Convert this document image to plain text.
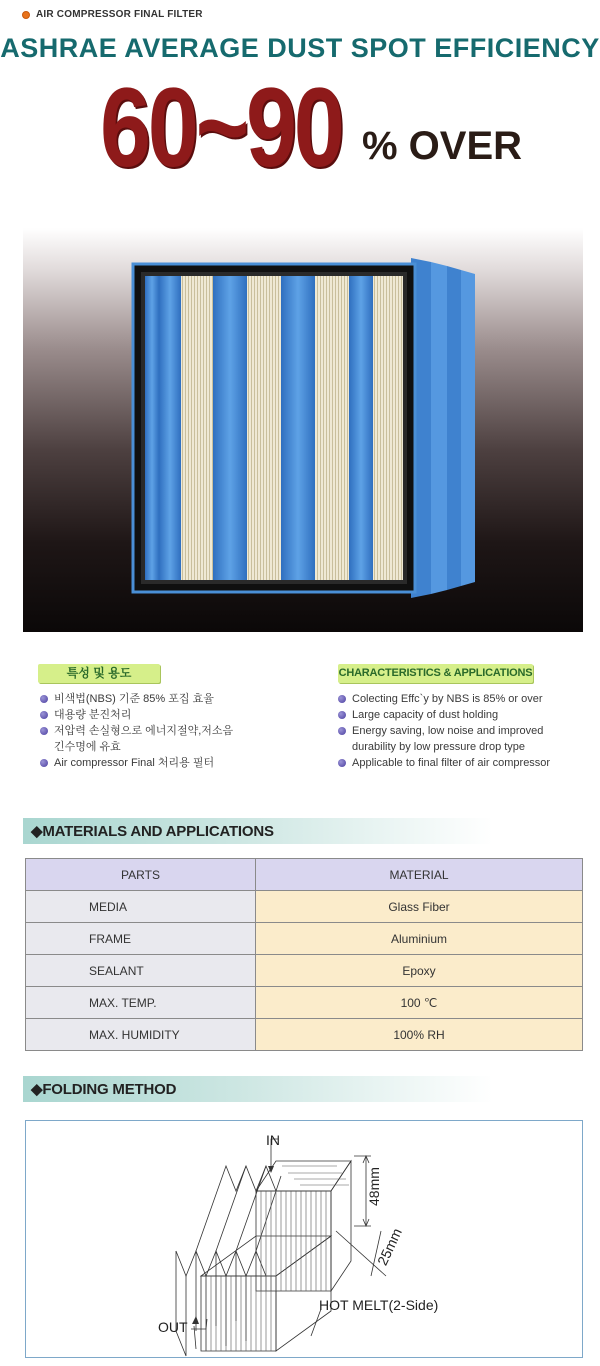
AIR COMPRESSOR FINAL FILTER
ASHRAE AVERAGE DUST SPOT EFFICIENCY
60~90 % OVER
특성 및 용도	CHARACTERISTICS & APPLICATIONS
비색법(NBS) 기준 85% 포집 효율
대용량 분진처리
저압력 손실형으로 에너지절약,저소음
긴수명에 유효
Air compressor Final 처리용 필터
Colecting Effc`y by NBS is 85% or over
Large capacity of dust holding
Energy saving, low noise and improved
durability by low pressure drop type
Applicable to final filter of air compressor
◆MATERIALS AND APPLICATIONS
PARTS	MATERIAL
MEDIA	Glass Fiber
FRAME	Aluminium
SEALANT	Epoxy
MAX. TEMP.	100 ℃
MAX. HUMIDITY	100% RH
◆FOLDING METHOD
IN
48mm
25mm
HOT MELT(2-Side)
OUT
